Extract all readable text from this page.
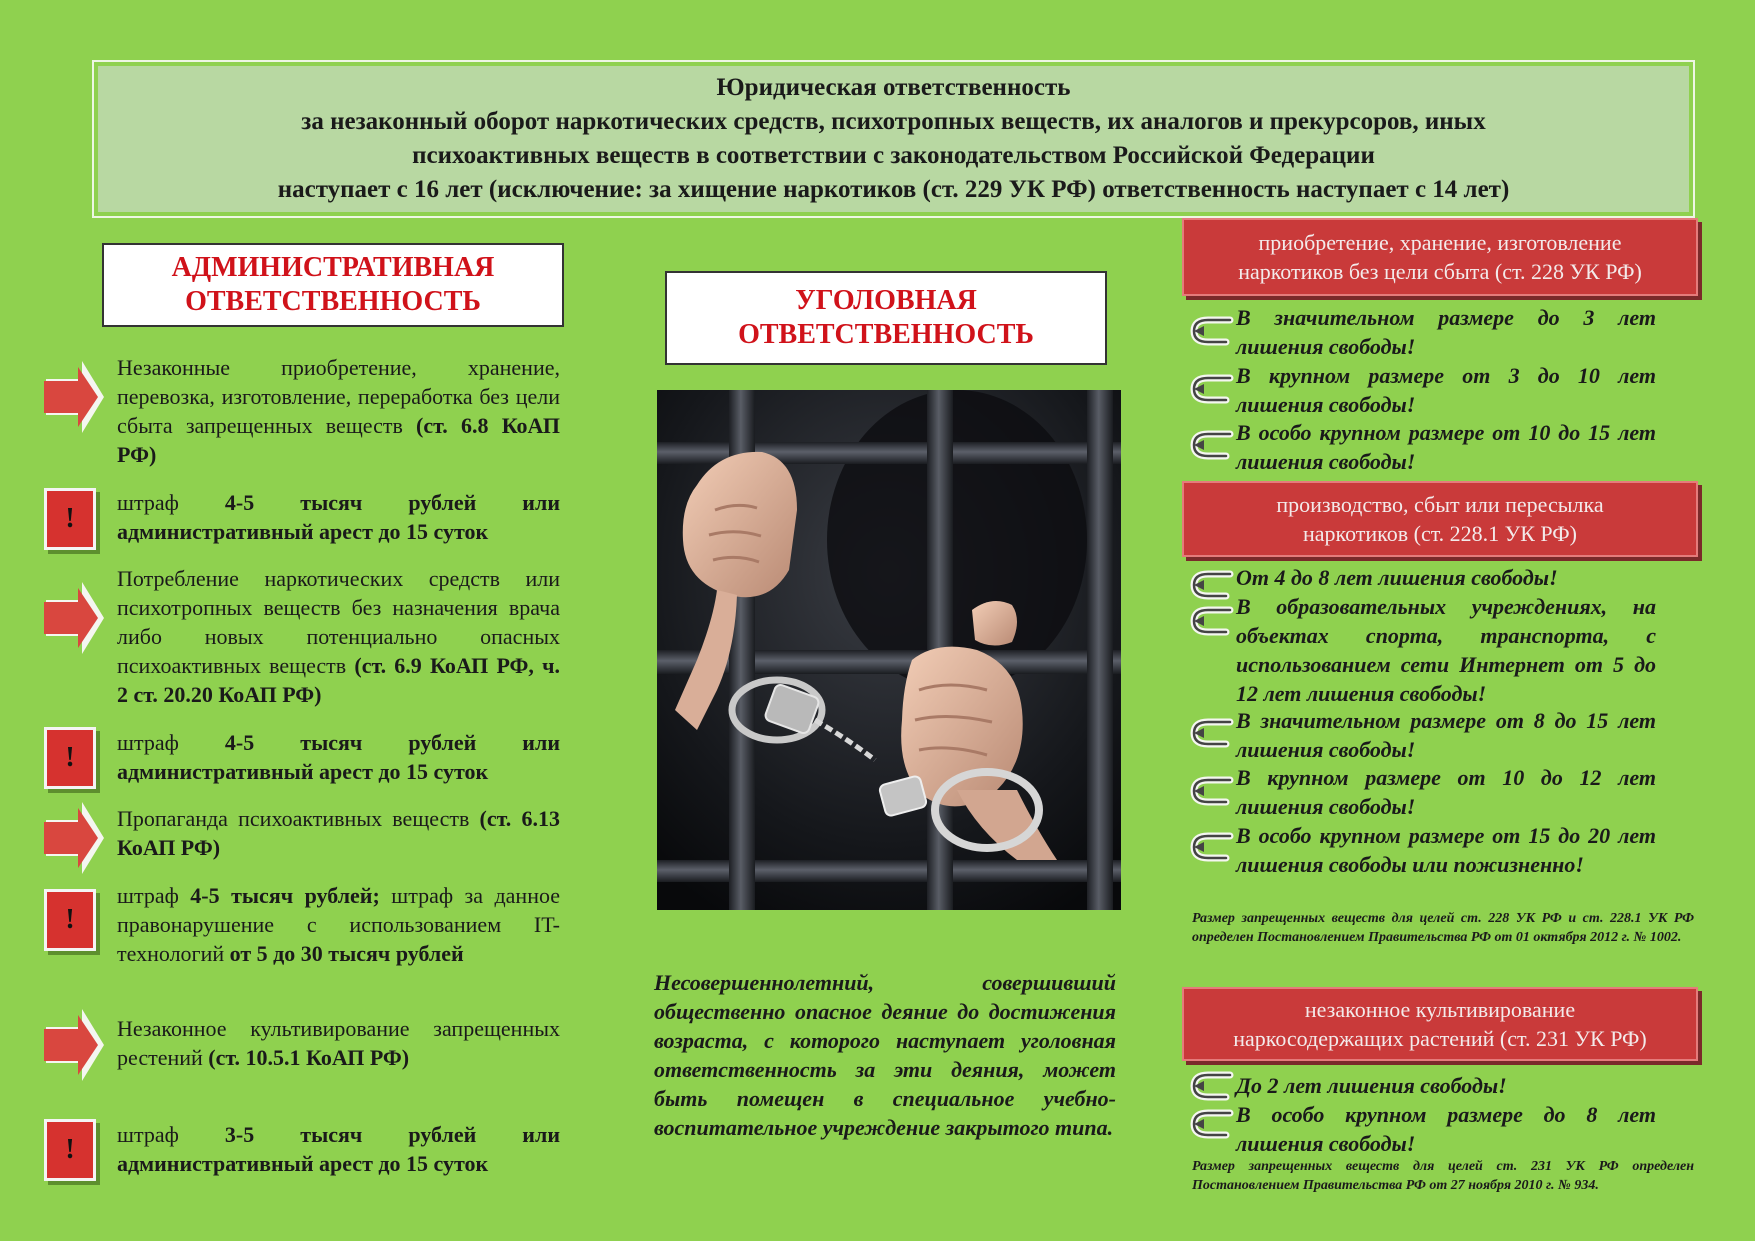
Юридическая ответственность
за незаконный оборот наркотических средств, психотропных веществ, их аналогов и прекурсоров, иных
психоактивных веществ в соответствии с законодательством Российской Федерации
наступает с 16 лет (исключение: за хищение наркотиков (ст. 229 УК РФ) ответственность наступает с 14 лет)
АДМИНИСТРАТИВНАЯ
ОТВЕТСТВЕННОСТЬ
Незаконные приобретение, хранение, перевозка, изготовление, переработка без цели сбыта запрещенных веществ (ст. 6.8 КоАП РФ)
!
штраф 4-5 тысяч рублей или административный арест до 15 суток
Потребление наркотических средств или психотропных веществ без назначения врача либо новых потенциально опасных психоактивных веществ (ст. 6.9 КоАП РФ, ч. 2 ст. 20.20 КоАП РФ)
!	штраф 4-5 тысяч рублей или административный арест до 15 суток
Пропаганда психоактивных веществ (ст. 6.13 КоАП РФ)
!
штраф 4-5 тысяч рублей; штраф за данное правонарушение с использованием IT-технологий от 5 до 30 тысяч рублей
Незаконное культивирование запрещенных рестений (ст. 10.5.1 КоАП РФ)
!	штраф 3-5 тысяч рублей или административный арест до 15 суток
УГОЛОВНАЯ
ОТВЕТСТВЕННОСТЬ
Несовершеннолетний, совершивший общественно опасное деяние до достижения возраста, с которого наступает уголовная ответственность за эти деяния, может быть помещен в специальное учебно-воспитательное учреждение закрытого типа.
приобретение, хранение, изготовление
наркотиков без цели сбыта (ст. 228 УК РФ)
В значительном размере до 3 лет лишения свободы!
В крупном размере от 3 до 10 лет лишения свободы!
В особо крупном размере от 10 до 15 лет лишения свободы!
производство, сбыт или пересылка
наркотиков (ст. 228.1 УК РФ)
От 4 до 8 лет лишения свободы!
В образовательных учреждениях, на объектах спорта, транспорта, с использованием сети Интернет от 5 до 12 лет лишения свободы!
В значительном размере от 8 до 15 лет лишения свободы!
В крупном размере от 10 до 12 лет лишения свободы!
В особо крупном размере от 15 до 20 лет лишения свободы или пожизненно!
Размер запрещенных веществ для целей ст. 228 УК РФ и ст. 228.1 УК РФ определен Постановлением Правительства РФ от 01 октября 2012 г. № 1002.
незаконное культивирование
наркосодержащих растений (ст. 231 УК РФ)
До 2 лет лишения свободы!
В особо крупном размере до 8 лет лишения свободы!
Размер запрещенных веществ для целей ст. 231 УК РФ определен Постановлением Правительства РФ от 27 ноября 2010 г. № 934.
